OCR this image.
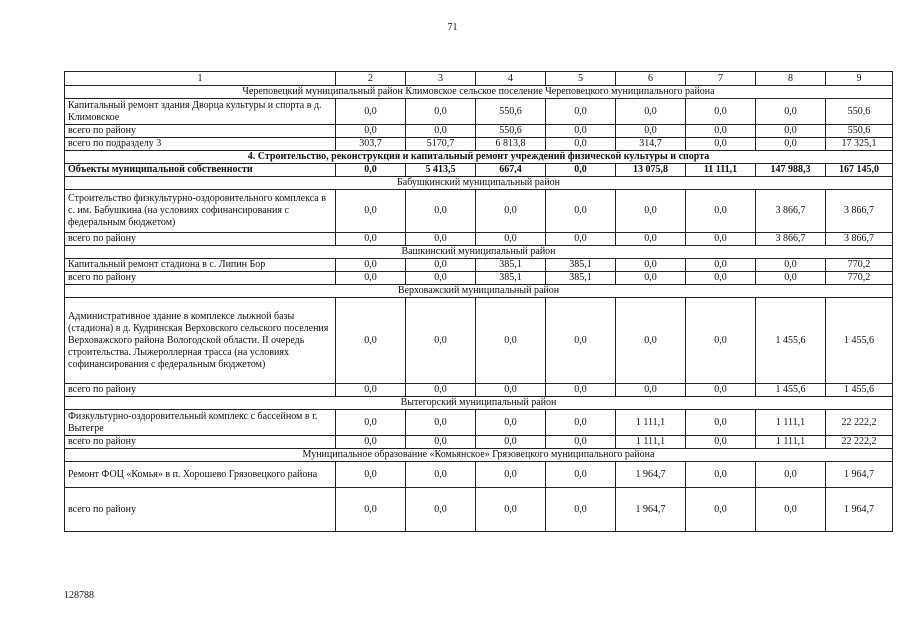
71
1	2	3	4	5	6	7	8	9
Череповецкий муниципальный район Климовское сельское поселение Череповецкого муниципального района								
Капитальный ремонт здания Дворца культуры и спорта в д. Климовское	0,0	0,0	550,6	0,0	0,0	0,0	0,0	550,6
всего по району	0,0	0,0	550,6	0,0	0,0	0,0	0,0	550,6
всего по подразделу 3	303,7	5170,7	6 813,8	0,0	314,7	0,0	0,0	17 325,1
4. Строительство, реконструкция и капитальный ремонт учреждений физической культуры и спорта								
Объекты муниципальной собственности	0,0	5 413,5	667,4	0,0	13 075,8	11 111,1	147 988,3	167 145,0
Бабушкинский муниципальный район								
Строительство физкультурно-оздоровительного комплекса в с. им. Бабушкина (на условиях софинансирования с федеральным бюджетом)	0,0	0,0	0,0	0,0	0,0	0,0	3 866,7	3 866,7
всего по району	0,0	0,0	0,0	0,0	0,0	0,0	3 866,7	3 866,7
Вашкинский муниципальный район								
Капитальный ремонт стадиона в с. Липин Бор	0,0	0,0	385,1	385,1	0,0	0,0	0,0	770,2
всего по району	0,0	0,0	385,1	385,1	0,0	0,0	0,0	770,2
Верховажский муниципальный район								
Административное здание в комплексе лыжной базы (стадиона) в д. Кудринская Верховского сельского поселения Верховажского района Вологодской области. II очередь строительства. Лыжероллерная трасса (на условиях софинансирования с федеральным бюджетом)	0,0	0,0	0,0	0,0	0,0	0,0	1 455,6	1 455,6
всего по району	0,0	0,0	0,0	0,0	0,0	0,0	1 455,6	1 455,6
Вытегорский муниципальный район								
Физкультурно-оздоровительный комплекс с бассейном в г. Вытегре	0,0	0,0	0,0	0,0	1 111,1	0,0	1 111,1	22 222,2
всего по району	0,0	0,0	0,0	0,0	1 111,1	0,0	1 111,1	22 222,2
Муниципальное образование «Комьянское» Грязовецкого муниципального района								
Ремонт ФОЦ «Комья» в п. Хорошево Грязовецкого района	0,0	0,0	0,0	0,0	1 964,7	0,0	0,0	1 964,7
всего по району	0,0	0,0	0,0	0,0	1 964,7	0,0	0,0	1 964,7
128788
